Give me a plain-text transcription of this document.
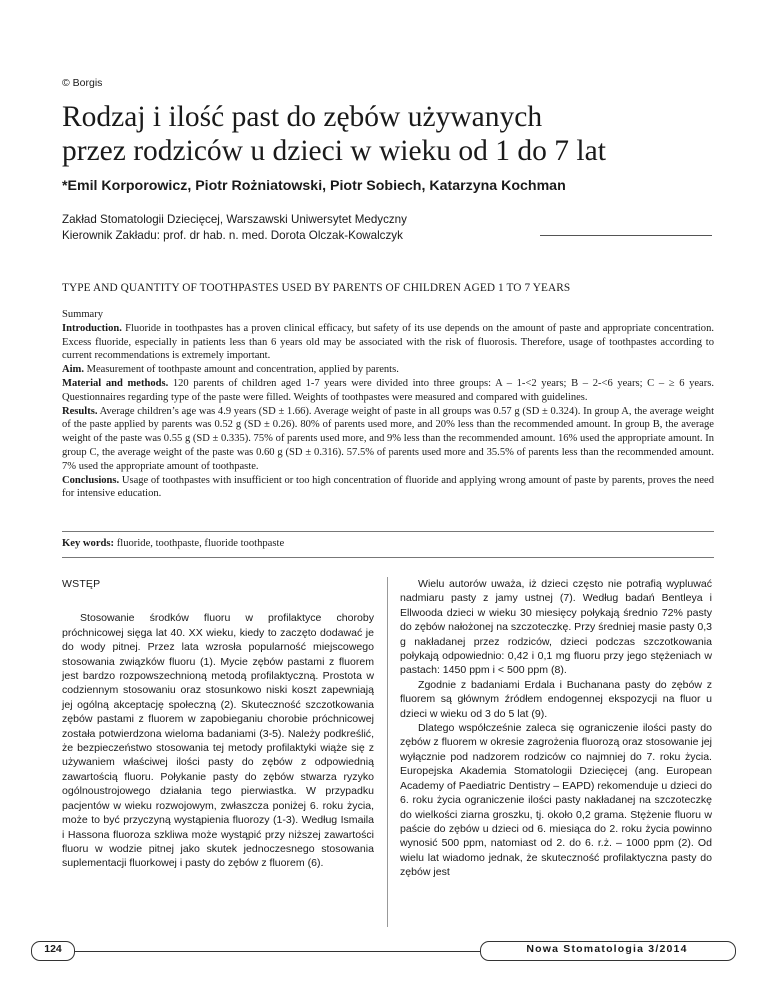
© Borgis
Rodzaj i ilość past do zębów używanych
przez rodziców u dzieci w wieku od 1 do 7 lat
*Emil Korporowicz, Piotr Rożniatowski, Piotr Sobiech, Katarzyna Kochman
Zakład Stomatologii Dziecięcej, Warszawski Uniwersytet Medyczny
Kierownik Zakładu: prof. dr hab. n. med. Dorota Olczak-Kowalczyk
TYPE AND QUANTITY OF TOOTHPASTES USED BY PARENTS OF CHILDREN AGED 1 TO 7 YEARS

Summary

Introduction. Fluoride in toothpastes has a proven clinical efficacy, but safety of its use depends on the amount of paste and appropriate concentration. Excess fluoride, especially in patients less than 6 years old may be associated with the risk of fluorosis. Therefore, usage of toothpastes according to current recommendations is extremely important.

Aim. Measurement of toothpaste amount and concentration, applied by parents.

Material and methods. 120 parents of children aged 1-7 years were divided into three groups: A – 1-<2 years; B – 2-<6 years; C – ≥ 6 years. Questionnaires regarding type of the paste were filled. Weights of toothpastes were measured and compared with guidelines.

Results. Average children’s age was 4.9 years (SD ± 1.66). Average weight of paste in all groups was 0.57 g (SD ± 0.324). In group A, the average weight of the paste applied by parents was 0.52 g (SD ± 0.26). 80% of parents used more, and 20% less than the recommended amount. In group B, the average weight of the paste was 0.55 g (SD ± 0.335). 75% of parents used more, and 9% less than the recommended amount. 16% used the appropriate amount. In group C, the average weight of the paste was 0.60 g (SD ± 0.316). 57.5% of parents used more and 35.5% of parents less than the recommended amount. 7% used the appropriate amount of toothpaste.

Conclusions. Usage of toothpastes with insufficient or too high concentration of fluoride and applying wrong amount of paste by parents, proves the need for intensive education.

Key words: fluoride, toothpaste, fluoride toothpaste

WSTĘP

Stosowanie środków fluoru w profilaktyce choroby próchnicowej sięga lat 40. XX wieku, kiedy to zaczęto dodawać je do wody pitnej. Przez lata wzrosła popularność miejscowego stosowania związków fluoru (1). Mycie zębów pastami z fluorem jest bardzo rozpowszechnioną metodą profilaktyczną. Prostota w codziennym stosowaniu oraz stosunkowo niski koszt zapewniają jej ogólną akceptację społeczną (2). Skuteczność szczotkowania zębów pastami z fluorem w zapobieganiu chorobie próchnicowej została potwierdzona wieloma badaniami (3-5). Należy podkreślić, że bezpieczeństwo stosowania tej metody profilaktyki wiąże się z używaniem właściwej ilości pasty do zębów z odpowiednią zawartością fluoru. Połykanie pasty do zębów stwarza ryzyko ogólnoustrojowego działania tego pierwiastka. W przypadku pacjentów w wieku rozwojowym, zwłaszcza poniżej 6. roku życia, może to być przyczyną wystąpienia fluorozy (1-3). Według Ismaila i Hassona fluoroza szkliwa może wystąpić przy niższej zawartości fluoru w wodzie pitnej jako skutek jednoczesnego stosowania suplementacji fluorkowej i pasty do zębów z fluorem (6).

Wielu autorów uważa, iż dzieci często nie potrafią wypluwać nadmiaru pasty z jamy ustnej (7). Według badań Bentleya i Ellwooda dzieci w wieku 30 miesięcy połykają średnio 72% pasty do zębów nałożonej na szczoteczkę. Przy średniej masie pasty 0,3 g nakładanej przez rodziców, dzieci podczas szczotkowania połykają odpowiednio: 0,42 i 0,1 mg fluoru przy jego stężeniach w pastach: 1450 ppm i < 500 ppm (8).

Zgodnie z badaniami Erdala i Buchanana pasty do zębów z fluorem są głównym źródłem endogennej ekspozycji na fluor u dzieci w wieku od 3 do 5 lat (9).

Dlatego współcześnie zaleca się ograniczenie ilości pasty do zębów z fluorem w okresie zagrożenia fluorozą oraz stosowanie jej wyłącznie pod nadzorem rodziców co najmniej do 7. roku życia. Europejska Akademia Stomatologii Dziecięcej (ang. European Academy of Paediatric Dentistry – EAPD) rekomenduje u dzieci do 6. roku życia ograniczenie ilości pasty nakładanej na szczoteczkę do wielkości ziarna groszku, tj. około 0,2 grama. Stężenie fluoru w paście do zębów u dzieci od 6. miesiąca do 2. roku życia powinno wynosić 500 ppm, natomiast od 2. do 6. r.ż. – 1000 ppm (2). Od wielu lat wiadomo jednak, że skuteczność profilaktyczna pasty do zębów jest

124	Nowa Stomatologia 3/2014
